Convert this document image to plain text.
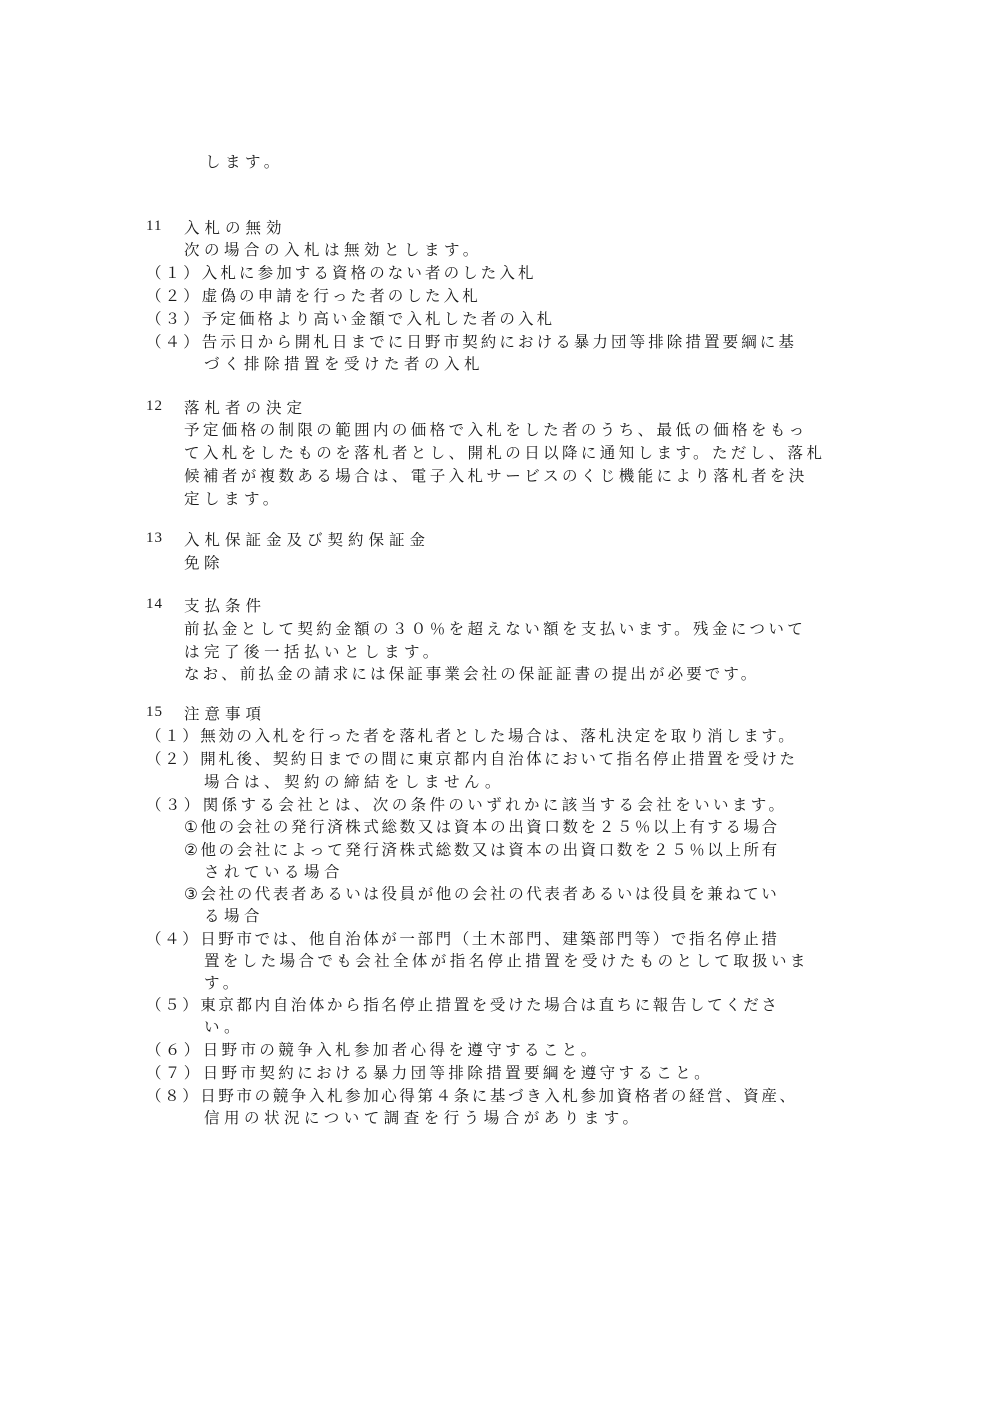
します。
11 入札の無効
次の場合の入札は無効とします。
（１）入札に参加する資格のない者のした入札
（２）虚偽の申請を行った者のした入札
（３）予定価格より高い金額で入札した者の入札
（４）告示日から開札日までに日野市契約における暴力団等排除措置要綱に基
づく排除措置を受けた者の入札
12 落札者の決定
予定価格の制限の範囲内の価格で入札をした者のうち、最低の価格をもっ
て入札をしたものを落札者とし、開札の日以降に通知します。ただし、落札
候補者が複数ある場合は、電子入札サービスのくじ機能により落札者を決
定します。
13 入札保証金及び契約保証金
免除
14 支払条件
前払金として契約金額の３０％を超えない額を支払います。残金について
は完了後一括払いとします。
なお、前払金の請求には保証事業会社の保証証書の提出が必要です。
15 注意事項
（１）無効の入札を行った者を落札者とした場合は、落札決定を取り消します。
（２）開札後、契約日までの間に東京都内自治体において指名停止措置を受けた
場合は、契約の締結をしません。
（３）関係する会社とは、次の条件のいずれかに該当する会社をいいます。
①他の会社の発行済株式総数又は資本の出資口数を２５％以上有する場合
②他の会社によって発行済株式総数又は資本の出資口数を２５％以上所有
されている場合
③会社の代表者あるいは役員が他の会社の代表者あるいは役員を兼ねてい
る場合
（４）日野市では、他自治体が一部門（土木部門、建築部門等）で指名停止措
置をした場合でも会社全体が指名停止措置を受けたものとして取扱いま
す。
（５）東京都内自治体から指名停止措置を受けた場合は直ちに報告してくださ
い。
（６）日野市の競争入札参加者心得を遵守すること。
（７）日野市契約における暴力団等排除措置要綱を遵守すること。
（８）日野市の競争入札参加心得第４条に基づき入札参加資格者の経営、資産、
信用の状況について調査を行う場合があります。
